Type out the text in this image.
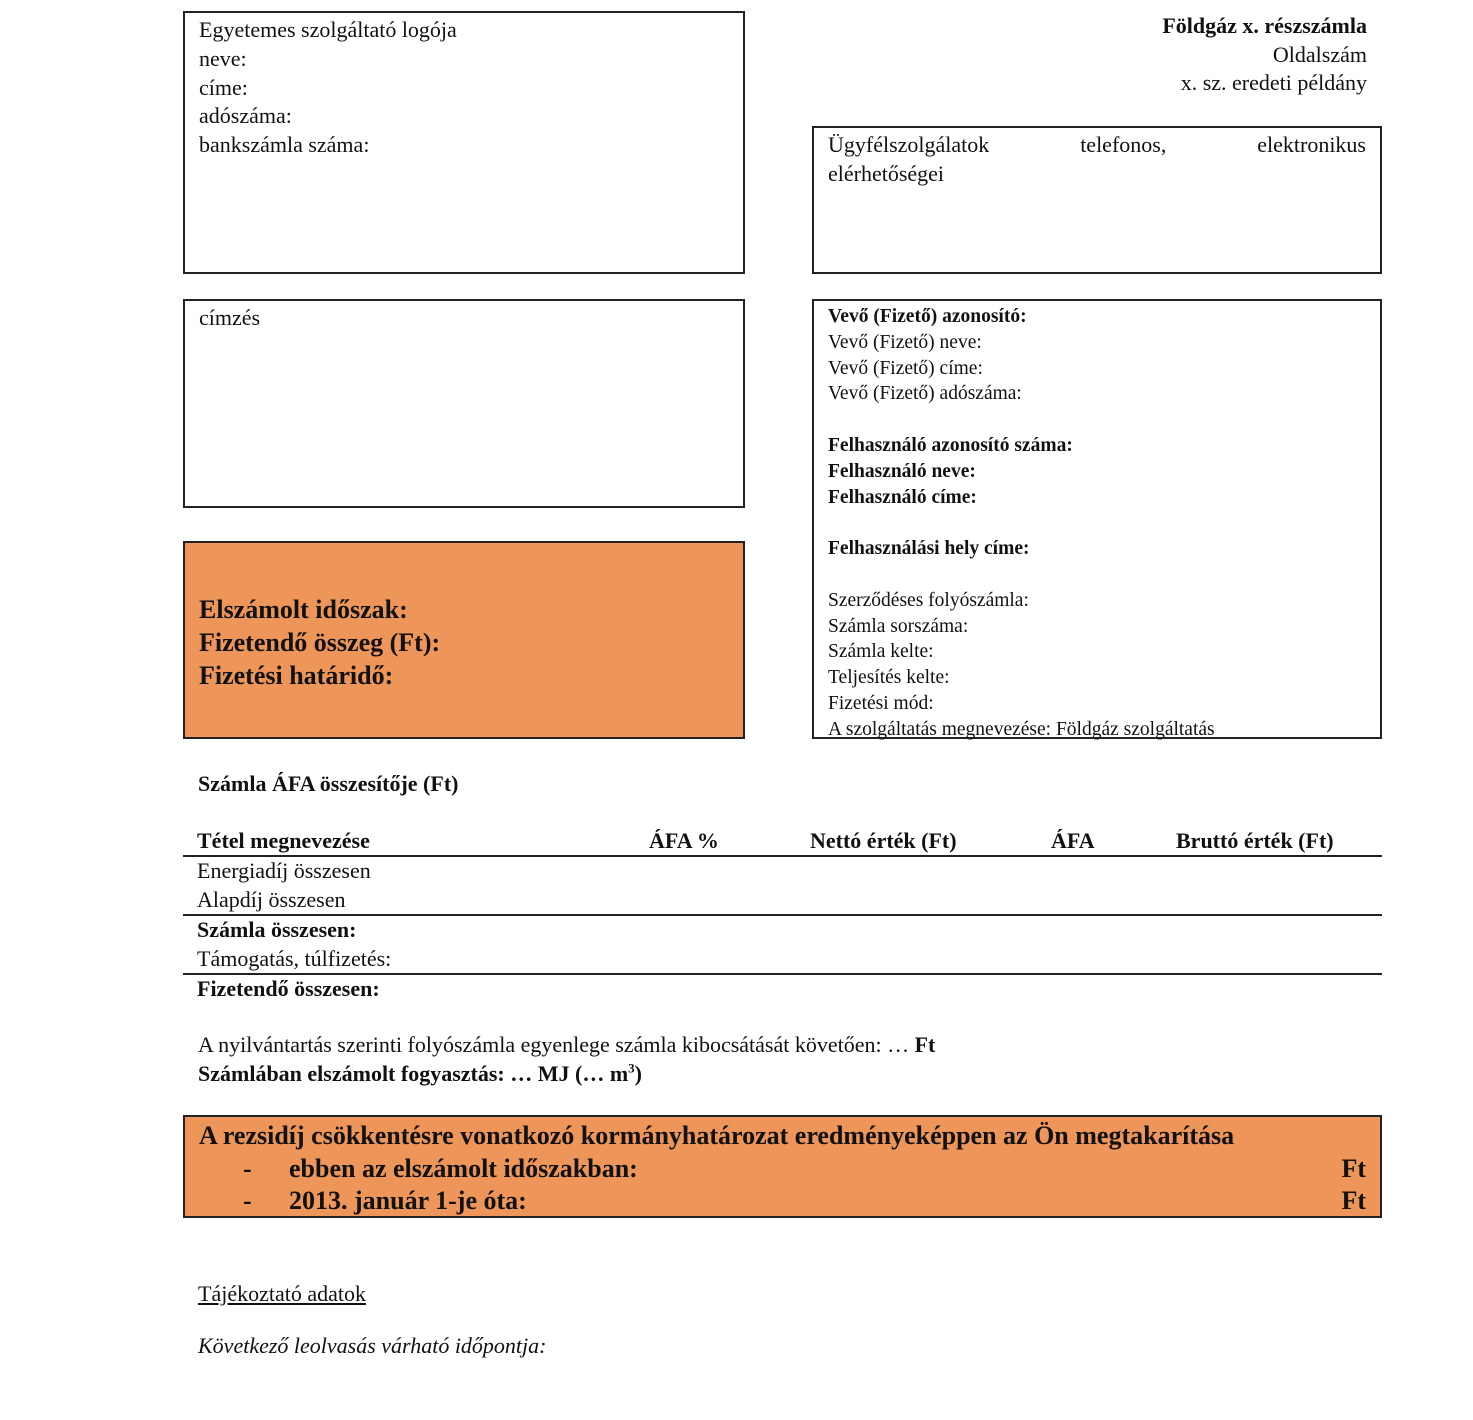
Egyetemes szolgáltató logója
neve:
címe:
adószáma:
bankszámla száma:
Földgáz x. részszámla
Oldalszám
x. sz. eredeti példány
Ügyfélszolgálatok	telefonos,	elektronikus
elérhetőségei
címzés
Elszámolt időszak:
Fizetendő összeg (Ft):
Fizetési határidő:
Vevő (Fizető) azonosító:
Vevő (Fizető) neve:
Vevő (Fizető) címe:
Vevő (Fizető) adószáma:
Felhasználó azonosító száma:
Felhasználó neve:
Felhasználó címe:
Felhasználási hely címe:
Szerződéses folyószámla:
Számla sorszáma:
Számla kelte:
Teljesítés kelte:
Fizetési mód:
A szolgáltatás megnevezése: Földgáz szolgáltatás
Számla ÁFA összesítője (Ft)
Tétel megnevezése	ÁFA %	Nettó érték (Ft)	ÁFA	Bruttó érték (Ft)
Energiadíj összesen
Alapdíj összesen
Számla összesen:
Támogatás, túlfizetés:
Fizetendő összesen:
A nyilvántartás szerinti folyószámla egyenlege számla kibocsátását követően: … Ft
Számlában elszámolt fogyasztás: … MJ (… $m^3$)
A rezsidíj csökkentésre vonatkozó kormányhatározat eredményeképpen az Ön megtakarítása
-	ebben az elszámolt időszakban:	Ft
-	2013. január 1-je óta:	Ft
Tájékoztató adatok
Következő leolvasás várható időpontja:
